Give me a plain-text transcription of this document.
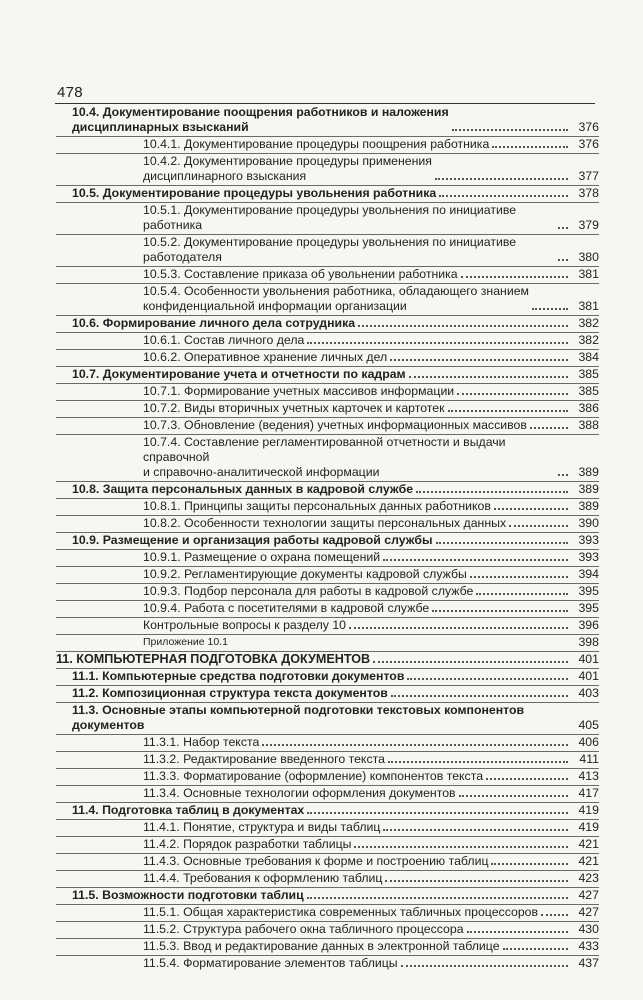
478
10.4. Документирование поощрения работников и наложения
дисциплинарных взысканий	376
10.4.1. Документирование процедуры поощрения работника	376
10.4.2. Документирование процедуры применения
дисциплинарного взыскания	377
10.5. Документирование процедуры увольнения работника	378
10.5.1. Документирование процедуры увольнения по инициативе работника	379
10.5.2. Документирование процедуры увольнения по инициативе работодателя	380
10.5.3. Составление приказа об увольнении работника	381
10.5.4. Особенности увольнения работника, обладающего знанием
конфиденциальной информации организации	381
10.6. Формирование личного дела сотрудника	382
10.6.1. Состав личного дела	382
10.6.2. Оперативное хранение личных дел	384
10.7. Документирование учета и отчетности по кадрам	385
10.7.1. Формирование учетных массивов информации	385
10.7.2. Виды вторичных учетных карточек и картотек	386
10.7.3. Обновление (ведения) учетных информационных массивов	388
10.7.4. Составление регламентированной отчетности и выдачи справочной
и справочно-аналитической информации	389
10.8. Защита персональных данных в кадровой службе	389
10.8.1. Принципы защиты персональных данных работников	389
10.8.2. Особенности технологии защиты персональных данных	390
10.9. Размещение и организация работы кадровой службы	393
10.9.1. Размещение о охрана помещений	393
10.9.2. Регламентирующие документы кадровой службы	394
10.9.3. Подбор персонала для работы в кадровой службе	395
10.9.4. Работа с посетителями в кадровой службе	395
Контрольные вопросы к разделу 10	396
Приложение 10.1	398
11. КОМПЬЮТЕРНАЯ ПОДГОТОВКА ДОКУМЕНТОВ	401
11.1. Компьютерные средства подготовки документов	401
11.2. Композиционная структура текста документов	403
11.3. Основные этапы компьютерной подготовки текстовых компонентов
документов	405
11.3.1. Набор текста	406
11.3.2. Редактирование введенного текста	411
11.3.3. Форматирование (оформление) компонентов текста	413
11.3.4. Основные технологии оформления документов	417
11.4. Подготовка таблиц в документах	419
11.4.1. Понятие, структура и виды таблиц	419
11.4.2. Порядок разработки таблицы	421
11.4.3. Основные требования к форме и построению таблиц	421
11.4.4. Требования к оформлению таблиц	423
11.5. Возможности подготовки таблиц	427
11.5.1. Общая характеристика современных табличных процессоров	427
11.5.2. Структура рабочего окна табличного процессора	430
11.5.3. Ввод и редактирование данных в электронной таблице	433
11.5.4. Форматирование элементов таблицы	437
